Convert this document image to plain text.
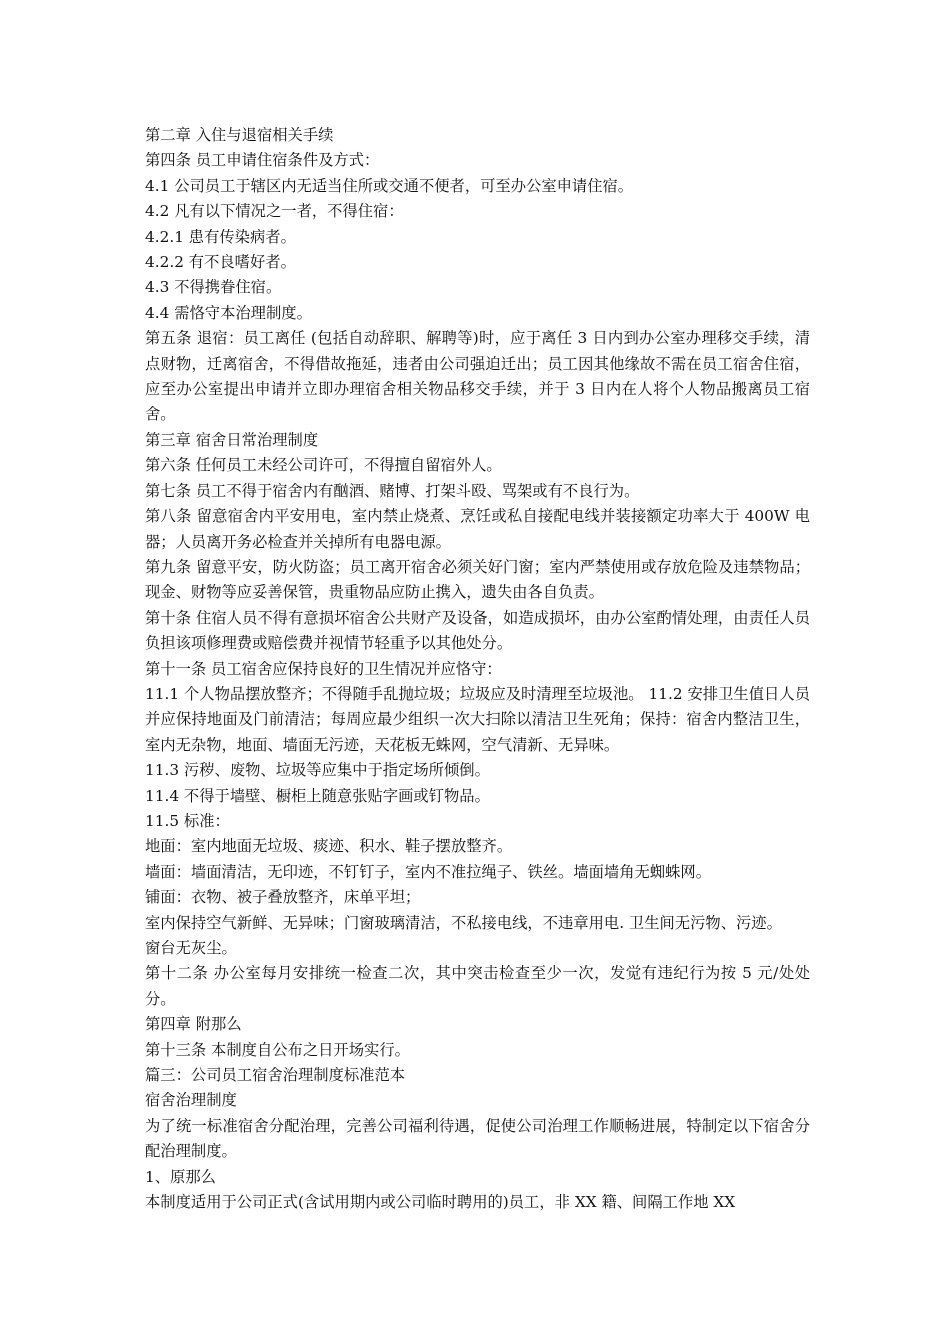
第二章 入住与退宿相关手续

第四条 员工申请住宿条件及方式：

4.1 公司员工于辖区内无适当住所或交通不便者，可至办公室申请住宿。

4.2 凡有以下情况之一者，不得住宿：

4.2.1 患有传染病者。

4.2.2 有不良嗜好者。

4.3 不得携眷住宿。

4.4 需恪守本治理制度。

第五条 退宿：员工离任 (包括自动辞职、解聘等)时，应于离任 3 日内到办公室办理移交手续，清点财物，迁离宿舍，不得借故拖延，违者由公司强迫迁出；员工因其他缘故不需在员工宿舍住宿，应至办公室提出申请并立即办理宿舍相关物品移交手续，并于 3 日内在人将个人物品搬离员工宿舍。

第三章 宿舍日常治理制度

第六条 任何员工未经公司许可，不得擅自留宿外人。

第七条 员工不得于宿舍内有酗酒、赌博、打架斗殴、骂架或有不良行为。

第八条 留意宿舍内平安用电，室内禁止烧煮、烹饪或私自接配电线并装接额定功率大于 400W 电器；人员离开务必检查并关掉所有电器电源。

第九条 留意平安，防火防盗；员工离开宿舍必须关好门窗；室内严禁使用或存放危险及违禁物品；现金、财物等应妥善保管，贵重物品应防止携入，遗失由各自负责。

第十条 住宿人员不得有意损坏宿舍公共财产及设备，如造成损坏，由办公室酌情处理，由责任人员负担该项修理费或赔偿费并视情节轻重予以其他处分。

第十一条 员工宿舍应保持良好的卫生情况并应恪守：

11.1 个人物品摆放整齐；不得随手乱抛垃圾；垃圾应及时清理至垃圾池。 11.2 安排卫生值日人员并应保持地面及门前清洁；每周应最少组织一次大扫除以清洁卫生死角；保持：宿舍内整洁卫生，室内无杂物，地面、墙面无污迹，天花板无蛛网，空气清新、无异味。

11.3 污秽、废物、垃圾等应集中于指定场所倾倒。

11.4 不得于墙壁、橱柜上随意张贴字画或钉物品。

11.5 标准：

地面：室内地面无垃圾、痰迹、积水、鞋子摆放整齐。

墙面：墙面清洁，无印迹，不钉钉子，室内不准拉绳子、铁丝。墙面墙角无蜘蛛网。

铺面：衣物、被子叠放整齐，床单平坦；

室内保持空气新鲜、无异味；门窗玻璃清洁，不私接电线，不违章用电. 卫生间无污物、污迹。

窗台无灰尘。

第十二条 办公室每月安排统一检查二次，其中突击检查至少一次，发觉有违纪行为按 5 元/处处分。

第四章 附那么

第十三条 本制度自公布之日开场实行。

篇三：公司员工宿舍治理制度标准范本

宿舍治理制度

为了统一标准宿舍分配治理，完善公司福利待遇，促使公司治理工作顺畅进展，特制定以下宿舍分配治理制度。

1、原那么

本制度适用于公司正式(含试用期内或公司临时聘用的)员工，非 XX 籍、间隔工作地 XX
